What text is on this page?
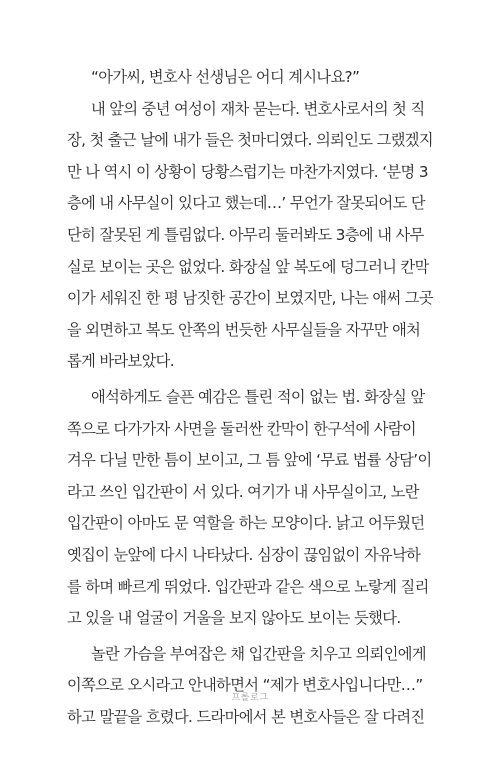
“아가씨, 변호사 선생님은 어디 계시나요?”
내 앞의 중년 여성이 재차 묻는다. 변호사로서의 첫 직
장, 첫 출근 날에 내가 들은 첫마디였다. 의뢰인도 그랬겠지
만 나 역시 이 상황이 당황스럽기는 마찬가지였다. ‘분명 3
층에 내 사무실이 있다고 했는데…’ 무언가 잘못되어도 단
단히 잘못된 게 틀림없다. 아무리 둘러봐도 3층에 내 사무
실로 보이는 곳은 없었다. 화장실 앞 복도에 덩그러니 칸막
이가 세워진 한 평 남짓한 공간이 보였지만, 나는 애써 그곳
을 외면하고 복도 안쪽의 번듯한 사무실들을 자꾸만 애처
롭게 바라보았다.
애석하게도 슬픈 예감은 틀린 적이 없는 법. 화장실 앞
쪽으로 다가가자 사면을 둘러싼 칸막이 한구석에 사람이
겨우 다닐 만한 틈이 보이고, 그 틈 앞에 ‘무료 법률 상담’이
라고 쓰인 입간판이 서 있다. 여기가 내 사무실이고, 노란
입간판이 아마도 문 역할을 하는 모양이다. 낡고 어두웠던
옛집이 눈앞에 다시 나타났다. 심장이 끊임없이 자유낙하
를 하며 빠르게 뛰었다. 입간판과 같은 색으로 노랗게 질리
고 있을 내 얼굴이 거울을 보지 않아도 보이는 듯했다.
놀란 가슴을 부여잡은 채 입간판을 치우고 의뢰인에게
이쪽으로 오시라고 안내하면서 “제가 변호사입니다만…”
하고 말끝을 흐렸다. 드라마에서 본 변호사들은 잘 다려진
프롤로그
